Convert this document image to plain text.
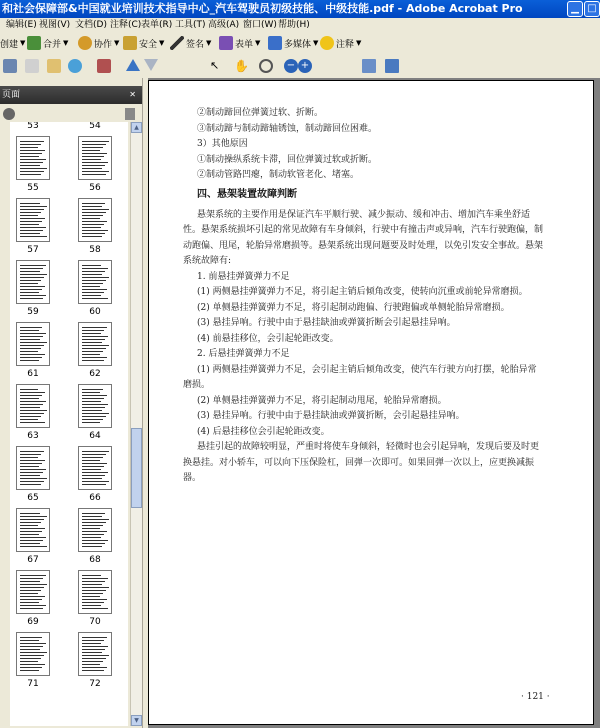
和社会保障部&中国就业培训技术指导中心_汽车驾驶员初级技能、中级技能.pdf - Adobe Acrobat Pro	▁ □
编辑(E) 视图(V) 文档(D) 注释(C) 表单(R) 工具(T) 高级(A) 窗口(W) 帮助(H)
创建 ▼ 合并 ▼	协作 ▼ 安全 ▼ 签名 ▼	表单 ▼	多媒体 ▼ 注释 ▼
↖	✋	− +
页面	✕
53	54
55	56
57	58
59	60
61	62
63	64
65	66
67	68
69	70
71	72
▲
▼
· 121 ·
②制动蹄回位弹簧过软、折断。
③制动蹄与制动蹄轴锈蚀，制动蹄回位困难。
3）其他原因
①制动操纵系统卡滞，回位弹簧过软或折断。
②制动管路凹瘪，制动软管老化、堵塞。
四、悬架装置故障判断
悬架系统的主要作用是保证汽车平顺行驶、减少振动、缓和冲击、增加汽车乘坐舒适
性。悬架系统损坏引起的常见故障有车身倾斜，行驶中有撞击声或异响，汽车行驶跑偏，制
动跑偏、甩尾，轮胎异常磨损等。悬架系统出现问题要及时处理，以免引发安全事故。悬架
系统故障有:
1. 前悬挂弹簧弹力不足
(1) 两侧悬挂弹簧弹力不足，将引起主销后倾角改变，使转向沉重或前轮异常磨损。
(2) 单侧悬挂弹簧弹力不足，将引起制动跑偏、行驶跑偏或单侧轮胎异常磨损。
(3) 悬挂异响。行驶中由于悬挂缺油或弹簧折断会引起悬挂异响。
(4) 前悬挂移位，会引起轮距改变。
2. 后悬挂弹簧弹力不足
(1) 两侧悬挂弹簧弹力不足，会引起主销后倾角改变，使汽车行驶方向打摆，轮胎异常
磨损。
(2) 单侧悬挂弹簧弹力不足，将引起制动甩尾，轮胎异常磨损。
(3) 悬挂异响。行驶中由于悬挂缺油或弹簧折断，会引起悬挂异响。
(4) 后悬挂移位会引起轮距改变。
悬挂引起的故障较明显，严重时将使车身倾斜，轻微时也会引起异响，发现后要及时更
换悬挂。对小轿车，可以向下压保险杠，回弹一次即可。如果回弹一次以上，应更换减振
器。
